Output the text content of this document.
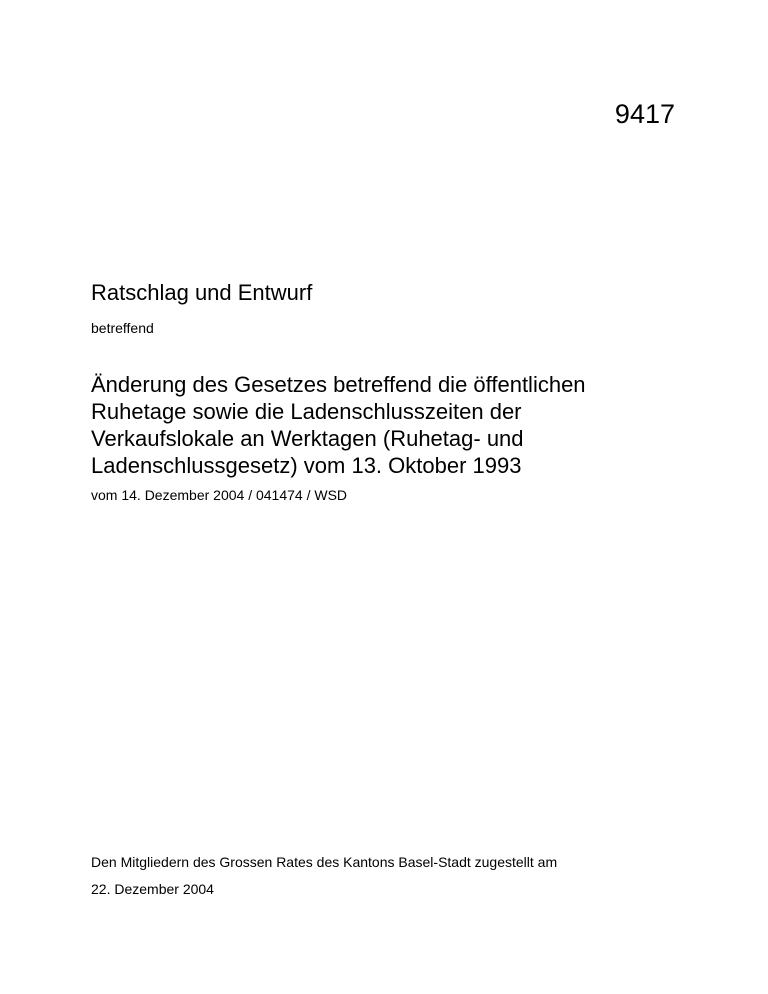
9417

Ratschlag und Entwurf

betreffend

Änderung des Gesetzes betreffend die öffentlichen
Ruhetage sowie die Ladenschlusszeiten der
Verkaufslokale an Werktagen (Ruhetag- und
Ladenschlussgesetz) vom 13. Oktober 1993

vom 14. Dezember 2004 / 041474 / WSD

Den Mitgliedern des Grossen Rates des Kantons Basel-Stadt zugestellt am

22. Dezember 2004
